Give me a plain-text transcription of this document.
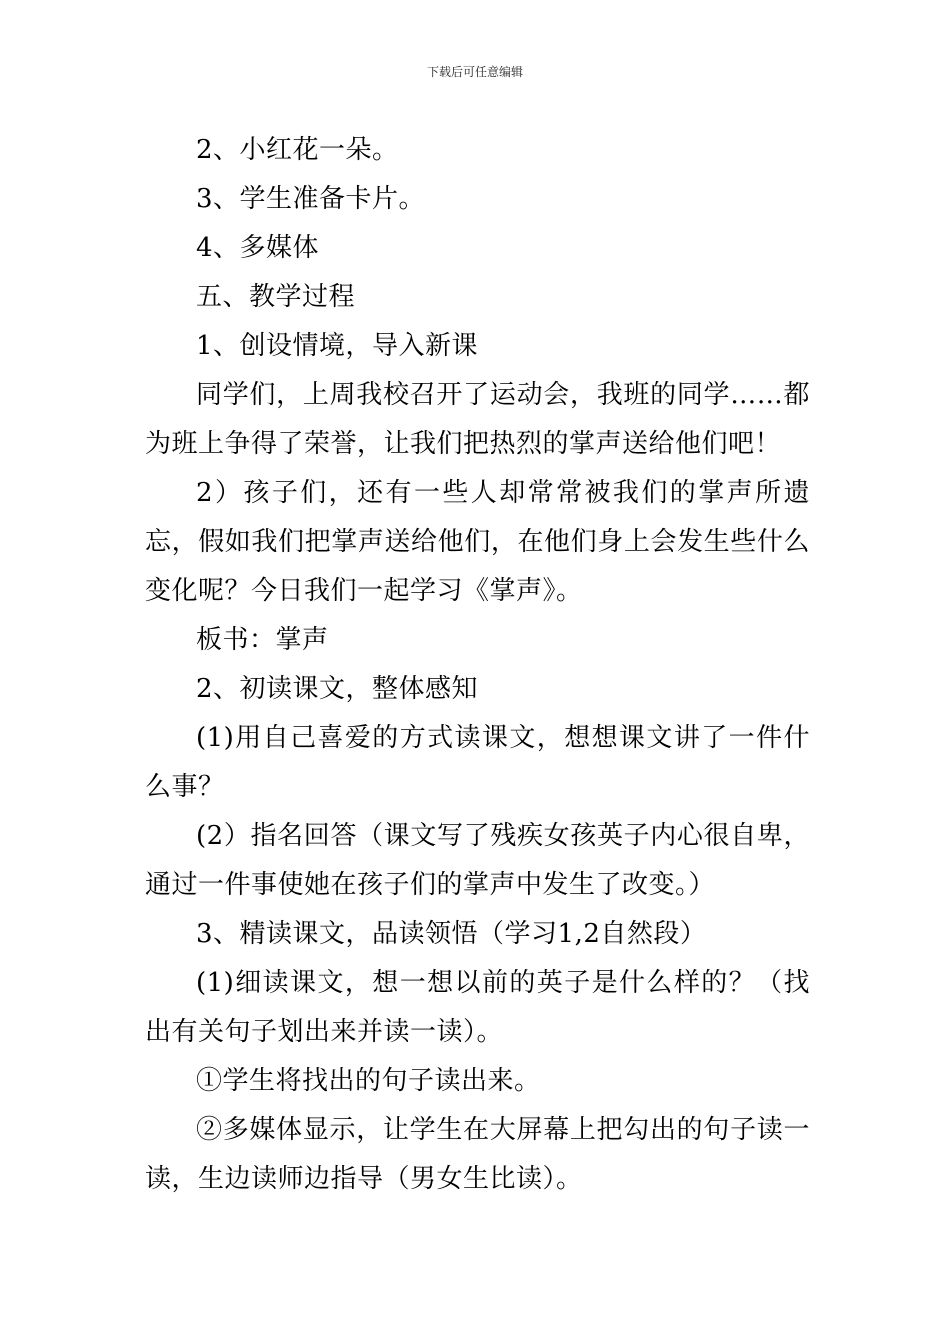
下载后可任意编辑

2、小红花一朵。

3、学生准备卡片。

4、多媒体

五、教学过程

1、创设情境，导入新课

同学们，上周我校召开了运动会，我班的同学……都为班上争得了荣誉，让我们把热烈的掌声送给他们吧！

2）孩子们，还有一些人却常常被我们的掌声所遗忘，假如我们把掌声送给他们，在他们身上会发生些什么变化呢？今日我们一起学习《掌声》。

板书：掌声

2、初读课文，整体感知

(1)用自己喜爱的方式读课文，想想课文讲了一件什么事？

(2）指名回答（课文写了残疾女孩英子内心很自卑，通过一件事使她在孩子们的掌声中发生了改变。）

3、精读课文，品读领悟（学习1,2自然段）

(1)细读课文，想一想以前的英子是什么样的？（找出有关句子划出来并读一读）。

①学生将找出的句子读出来。

②多媒体显示，让学生在大屏幕上把勾出的句子读一读，生边读师边指导（男女生比读）。
